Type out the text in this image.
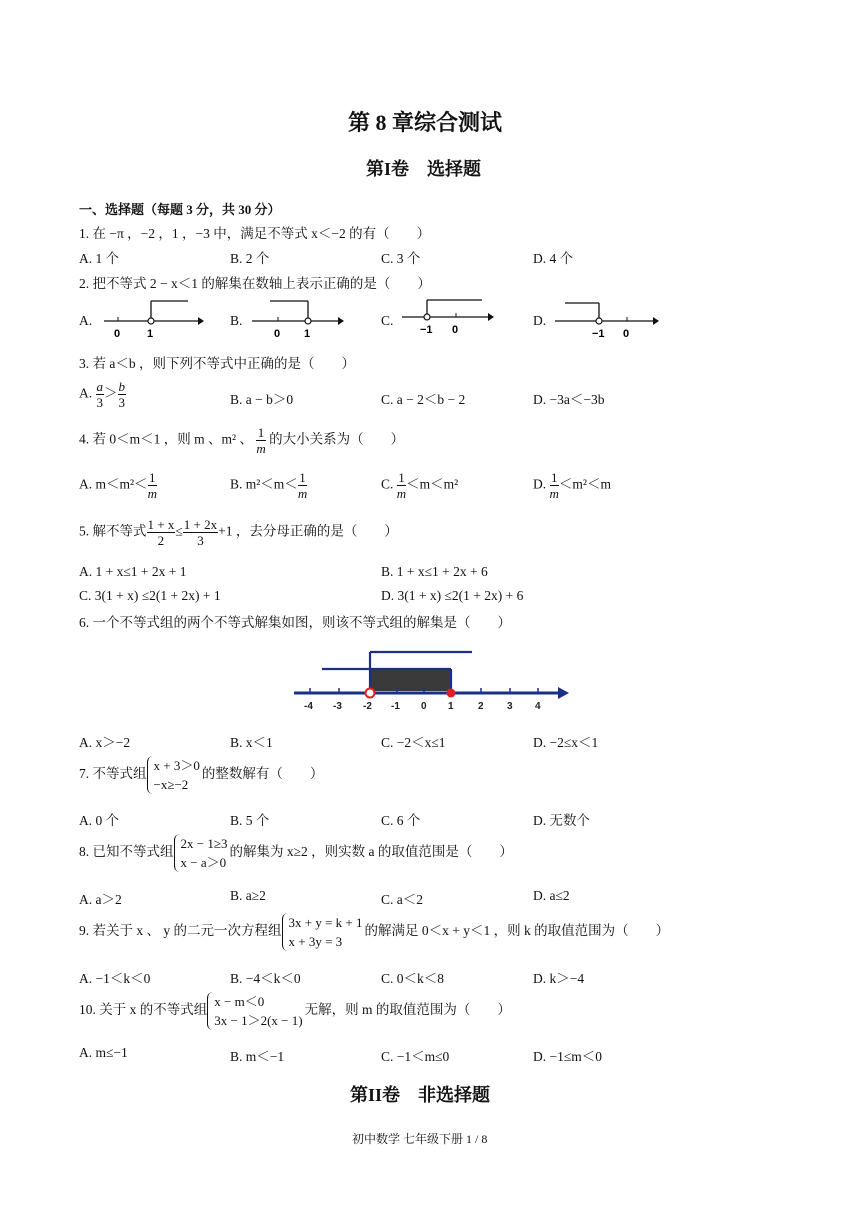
第 8 章综合测试
第I卷　选择题
一、选择题（每题 3 分，共 30 分）
1. 在 −π ，−2 ，1 ，−3 中，满足不等式 x＜−2 的有（　　）
A. 1 个	B. 2 个	C. 3 个	D. 4 个
2. 把不等式 2 − x＜1 的解集在数轴上表示正确的是（　　）
A.
0 1
B.
0 1
C.
−1 0
D.
−1 0
3. 若 a＜b ，则下列不等式中正确的是（　　）
A. $\frac{a}{3} > \frac{b}{3}$	B. a − b＞0	C. a − 2＜b − 2	D. −3a＜−3b
4. 若 0＜m＜1 ，则 m 、m² 、 $\frac{1}{m}$ 的大小关系为（　　）
A. $m<m^2< \frac{1}{m}$	B. $m^2<m< \frac{1}{m}$	C. $\frac{1}{m} <m<m^2$	D. $\frac{1}{m} <m^2<m$
5. 解不等式 $\frac{1 + x}{2} \le \frac{1 + 2x}{3} +1$ ，去分母正确的是（　　）
A. 1 + x≤1 + 2x + 1	B. 1 + x≤1 + 2x + 6
C. 3(1 + x) ≤2(1 + 2x) + 1	D. 3(1 + x) ≤2(1 + 2x) + 6
6. 一个不等式组的两个不等式解集如图，则该不等式组的解集是（　　）
-4 -3 -2 -1 0 1 2 3 4
A. x＞−2	B. x＜1	C. −2＜x≤1	D. −2≤x＜1
7. 不等式组
x + 3＞0
−x≥−2
的整数解有（　　）
A. 0 个	B. 5 个	C. 6 个	D. 无数个
8. 已知不等式组
2x − 1≥3
x − a＞0
的解集为 x≥2 ，则实数 a 的取值范围是（　　）
A. a＞2	B. a≥2	C. a＜2	D. a≤2
9. 若关于 x 、 y 的二元一次方程组
3x + y = k + 1
x + 3y = 3
的解满足 0＜x + y＜1 ，则 k 的取值范围为（　　）
A. −1＜k＜0	B. −4＜k＜0	C. 0＜k＜8	D. k＞−4
10. 关于 x 的不等式组
x − m＜0
3x − 1＞2(x − 1)
无解，则 m 的取值范围为（　　）
A. m≤−1	B. m＜−1	C. −1＜m≤0	D. −1≤m＜0
第II卷　非选择题
初中数学 七年级下册 1 / 8
